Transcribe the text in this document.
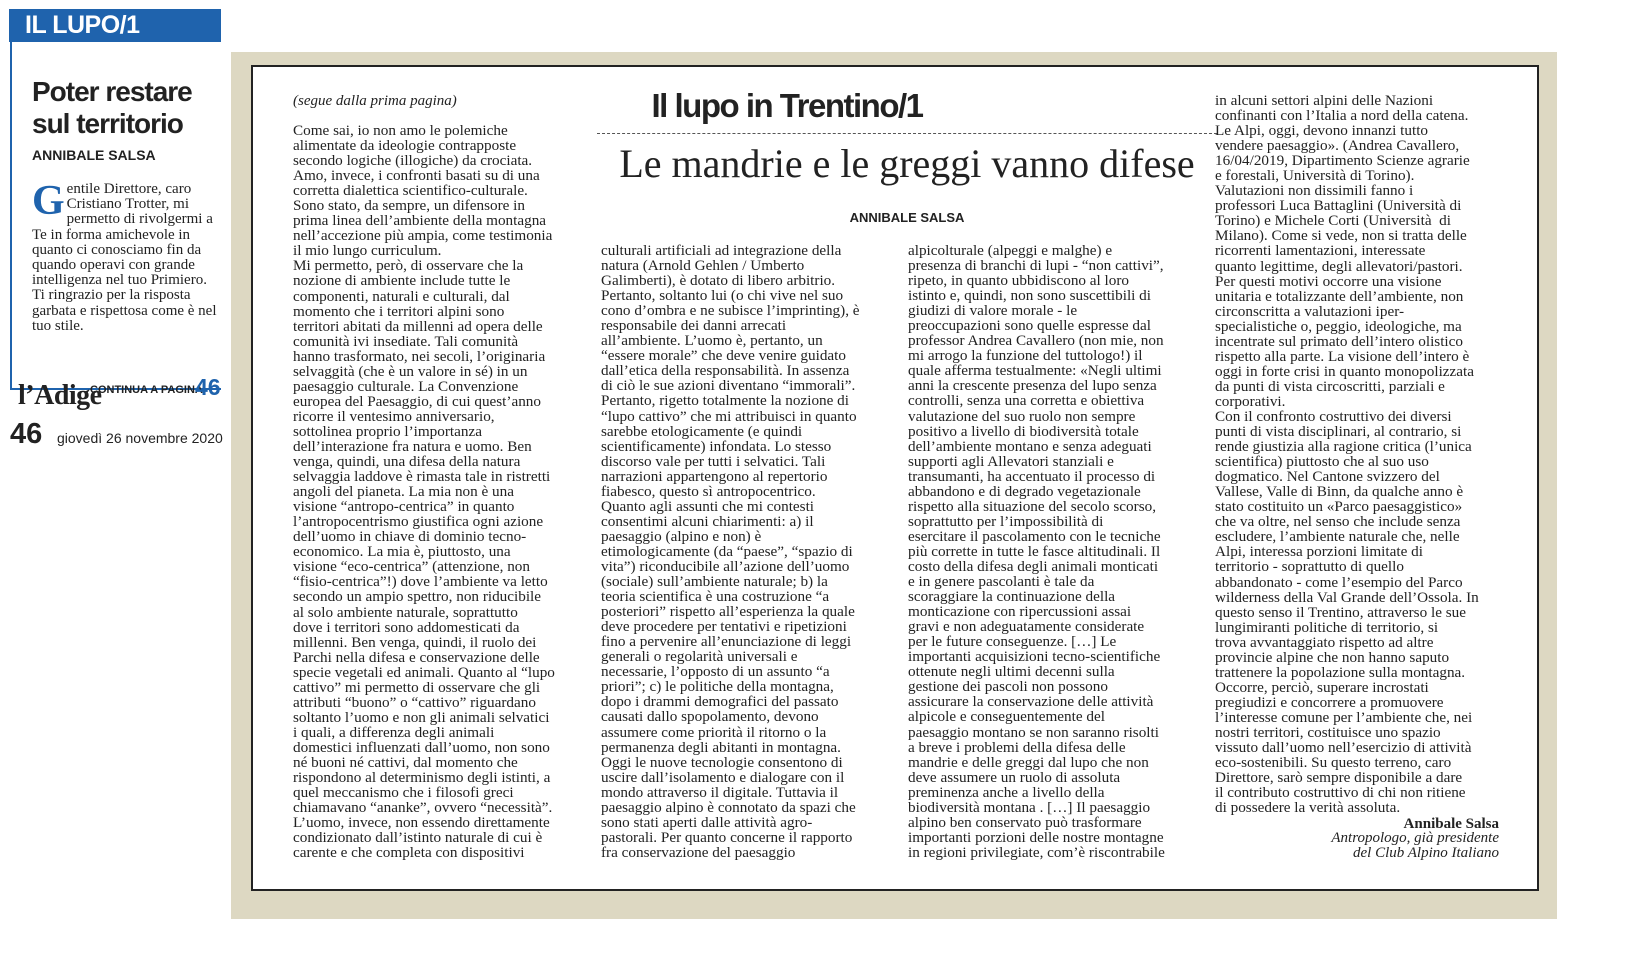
IL LUPO/1
Poter restare sul territorio
ANNIBALE SALSA
Gentile Direttore, caro Cristiano Trotter, mi permetto di rivolgermi a Te in forma amichevole in quanto ci conosciamo fin da quando operavi con grande intelligenza nel tuo Primiero. Ti ringrazio per la risposta garbata e rispettosa come è nel tuo stile.
CONTINUA A PAGINA
46
l’Adige
46 giovedì 26 novembre 2020
(segue dalla prima pagina)	Il lupo in Trentino/1
Le mandrie e le greggi vanno difese
ANNIBALE SALSA
Come sai, io non amo le polemiche
alimentate da ideologie contrapposte
secondo logiche (illogiche) da crociata.
Amo, invece, i confronti basati su di una
corretta dialettica scientifico-culturale.
Sono stato, da sempre, un difensore in
prima linea dell’ambiente della montagna
nell’accezione più ampia, come testimonia
il mio lungo curriculum.
Mi permetto, però, di osservare che la
nozione di ambiente include tutte le
componenti, naturali e culturali, dal
momento che i territori alpini sono
territori abitati da millenni ad opera delle
comunità ivi insediate. Tali comunità
hanno trasformato, nei secoli, l’originaria
selvaggità (che è un valore in sé) in un
paesaggio culturale. La Convenzione
europea del Paesaggio, di cui quest’anno
ricorre il ventesimo anniversario,
sottolinea proprio l’importanza
dell’interazione fra natura e uomo. Ben
venga, quindi, una difesa della natura
selvaggia laddove è rimasta tale in ristretti
angoli del pianeta. La mia non è una
visione “antropo-centrica” in quanto
l’antropocentrismo giustifica ogni azione
dell’uomo in chiave di dominio tecno-
economico. La mia è, piuttosto, una
visione “eco-centrica” (attenzione, non
“fisio-centrica”!) dove l’ambiente va letto
secondo un ampio spettro, non riducibile
al solo ambiente naturale, soprattutto
dove i territori sono addomesticati da
millenni. Ben venga, quindi, il ruolo dei
Parchi nella difesa e conservazione delle
specie vegetali ed animali. Quanto al “lupo
cattivo” mi permetto di osservare che gli
attributi “buono” o “cattivo” riguardano
soltanto l’uomo e non gli animali selvatici
i quali, a differenza degli animali
domestici influenzati dall’uomo, non sono
né buoni né cattivi, dal momento che
rispondono al determinismo degli istinti, a
quel meccanismo che i filosofi greci
chiamavano “ananke”, ovvero “necessità”.
L’uomo, invece, non essendo direttamente
condizionato dall’istinto naturale di cui è
carente e che completa con dispositivi
culturali artificiali ad integrazione della
natura (Arnold Gehlen / Umberto
Galimberti), è dotato di libero arbitrio.
Pertanto, soltanto lui (o chi vive nel suo
cono d’ombra e ne subisce l’imprinting), è
responsabile dei danni arrecati
all’ambiente. L’uomo è, pertanto, un
“essere morale” che deve venire guidato
dall’etica della responsabilità. In assenza
di ciò le sue azioni diventano “immorali”.
Pertanto, rigetto totalmente la nozione di
“lupo cattivo” che mi attribuisci in quanto
sarebbe etologicamente (e quindi
scientificamente) infondata. Lo stesso
discorso vale per tutti i selvatici. Tali
narrazioni appartengono al repertorio
fiabesco, questo sì antropocentrico.
Quanto agli assunti che mi contesti
consentimi alcuni chiarimenti: a) il
paesaggio (alpino e non) è
etimologicamente (da “paese”, “spazio di
vita”) riconducibile all’azione dell’uomo
(sociale) sull’ambiente naturale; b) la
teoria scientifica è una costruzione “a
posteriori” rispetto all’esperienza la quale
deve procedere per tentativi e ripetizioni
fino a pervenire all’enunciazione di leggi
generali o regolarità universali e
necessarie, l’opposto di un assunto “a
priori”; c) le politiche della montagna,
dopo i drammi demografici del passato
causati dallo spopolamento, devono
assumere come priorità il ritorno o la
permanenza degli abitanti in montagna.
Oggi le nuove tecnologie consentono di
uscire dall’isolamento e dialogare con il
mondo attraverso il digitale. Tuttavia il
paesaggio alpino è connotato da spazi che
sono stati aperti dalle attività agro-
pastorali. Per quanto concerne il rapporto
fra conservazione del paesaggio
alpicolturale (alpeggi e malghe) e
presenza di branchi di lupi - “non cattivi”,
ripeto, in quanto ubbidiscono al loro
istinto e, quindi, non sono suscettibili di
giudizi di valore morale - le
preoccupazioni sono quelle espresse dal
professor Andrea Cavallero (non mie, non
mi arrogo la funzione del tuttologo!) il
quale afferma testualmente: «Negli ultimi
anni la crescente presenza del lupo senza
controlli, senza una corretta e obiettiva
valutazione del suo ruolo non sempre
positivo a livello di biodiversità totale
dell’ambiente montano e senza adeguati
supporti agli Allevatori stanziali e
transumanti, ha accentuato il processo di
abbandono e di degrado vegetazionale
rispetto alla situazione del secolo scorso,
soprattutto per l’impossibilità di
esercitare il pascolamento con le tecniche
più corrette in tutte le fasce altitudinali. Il
costo della difesa degli animali monticati
e in genere pascolanti è tale da
scoraggiare la continuazione della
monticazione con ripercussioni assai
gravi e non adeguatamente considerate
per le future conseguenze. […] Le
importanti acquisizioni tecno-scientifiche
ottenute negli ultimi decenni sulla
gestione dei pascoli non possono
assicurare la conservazione delle attività
alpicole e conseguentemente del
paesaggio montano se non saranno risolti
a breve i problemi della difesa delle
mandrie e delle greggi dal lupo che non
deve assumere un ruolo di assoluta
preminenza anche a livello della
biodiversità montana . […] Il paesaggio
alpino ben conservato può trasformare
importanti porzioni delle nostre montagne
in regioni privilegiate, com’è riscontrabile
in alcuni settori alpini delle Nazioni
confinanti con l’Italia a nord della catena.
Le Alpi, oggi, devono innanzi tutto
vendere paesaggio». (Andrea Cavallero,
16/04/2019, Dipartimento Scienze agrarie
e forestali, Università di Torino).
Valutazioni non dissimili fanno i
professori Luca Battaglini (Università di
Torino) e Michele Corti (Università  di
Milano). Come si vede, non si tratta delle
ricorrenti lamentazioni, interessate
quanto legittime, degli allevatori/pastori.
Per questi motivi occorre una visione
unitaria e totalizzante dell’ambiente, non
circonscritta a valutazioni iper-
specialistiche o, peggio, ideologiche, ma
incentrate sul primato dell’intero olistico
rispetto alla parte. La visione dell’intero è
oggi in forte crisi in quanto monopolizzata
da punti di vista circoscritti, parziali e
corporativi.
Con il confronto costruttivo dei diversi
punti di vista disciplinari, al contrario, si
rende giustizia alla ragione critica (l’unica
scientifica) piuttosto che al suo uso
dogmatico. Nel Cantone svizzero del
Vallese, Valle di Binn, da qualche anno è
stato costituito un «Parco paesaggistico»
che va oltre, nel senso che include senza
escludere, l’ambiente naturale che, nelle
Alpi, interessa porzioni limitate di
territorio - soprattutto di quello
abbandonato - come l’esempio del Parco
wilderness della Val Grande dell’Ossola. In
questo senso il Trentino, attraverso le sue
lungimiranti politiche di territorio, si
trova avvantaggiato rispetto ad altre
provincie alpine che non hanno saputo
trattenere la popolazione sulla montagna.
Occorre, perciò, superare incrostati
pregiudizi e concorrere a promuovere
l’interesse comune per l’ambiente che, nei
nostri territori, costituisce uno spazio
vissuto dall’uomo nell’esercizio di attività
eco-sostenibili. Su questo terreno, caro
Direttore, sarò sempre disponibile a dare
il contributo costruttivo di chi non ritiene
di possedere la verità assoluta.
Annibale Salsa
Antropologo, già presidente
del Club Alpino Italiano
